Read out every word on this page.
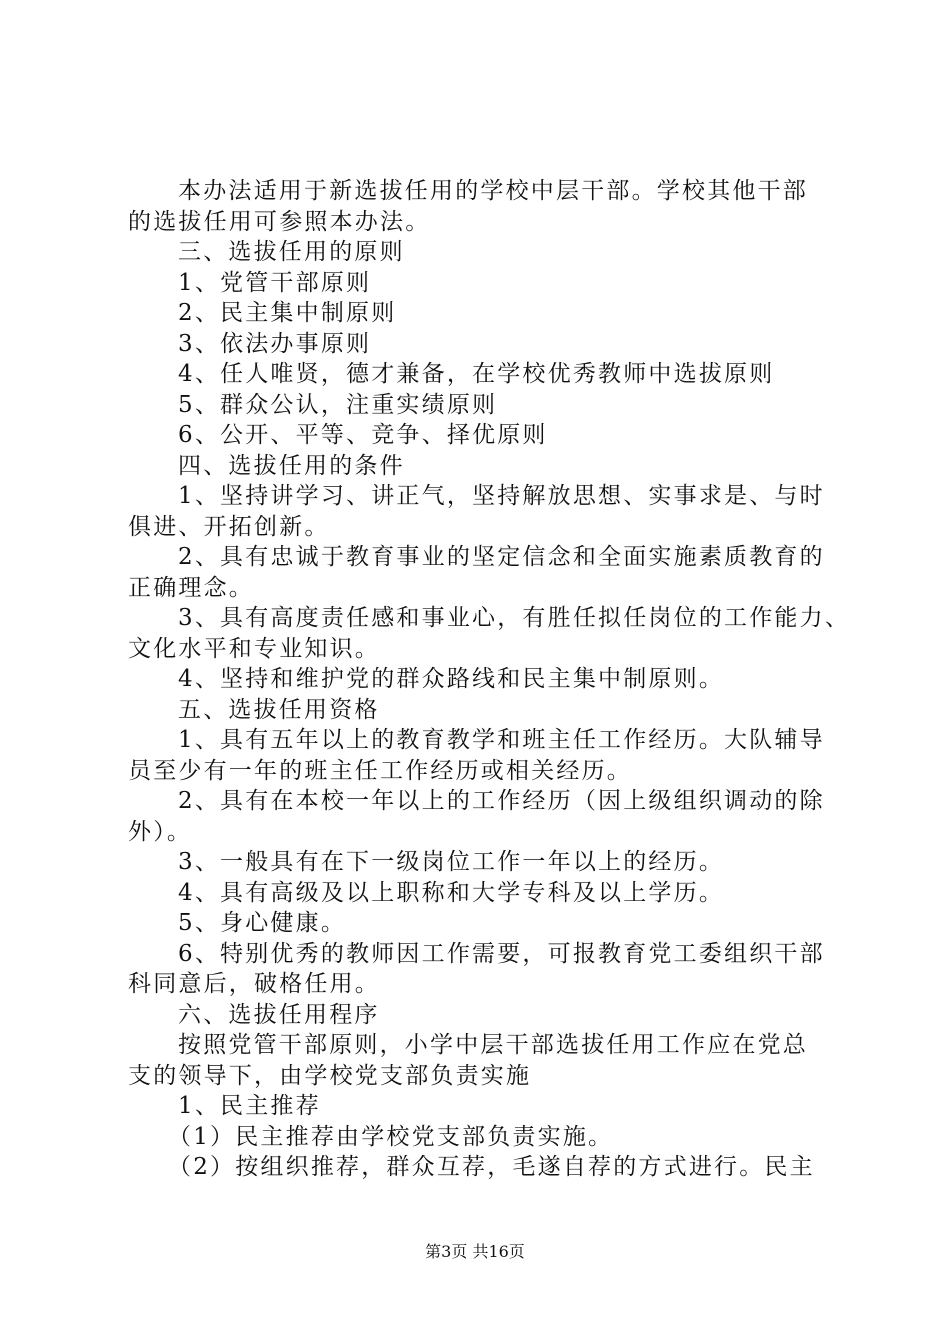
本办法适用于新选拔任用的学校中层干部。学校其他干部
的选拔任用可参照本办法。
三、选拔任用的原则
1、党管干部原则
2、民主集中制原则
3、依法办事原则
4、任人唯贤，德才兼备，在学校优秀教师中选拔原则
5、群众公认，注重实绩原则
6、公开、平等、竞争、择优原则
四、选拔任用的条件
1、坚持讲学习、讲正气，坚持解放思想、实事求是、与时
俱进、开拓创新。
2、具有忠诚于教育事业的坚定信念和全面实施素质教育的
正确理念。
3、具有高度责任感和事业心，有胜任拟任岗位的工作能力、
文化水平和专业知识。
4、坚持和维护党的群众路线和民主集中制原则。
五、选拔任用资格
1、具有五年以上的教育教学和班主任工作经历。大队辅导
员至少有一年的班主任工作经历或相关经历。
2、具有在本校一年以上的工作经历（因上级组织调动的除
外）。
3、一般具有在下一级岗位工作一年以上的经历。
4、具有高级及以上职称和大学专科及以上学历。
5、身心健康。
6、特别优秀的教师因工作需要，可报教育党工委组织干部
科同意后，破格任用。
六、选拔任用程序
按照党管干部原则，小学中层干部选拔任用工作应在党总
支的领导下，由学校党支部负责实施
1、民主推荐
（1）民主推荐由学校党支部负责实施。
（2）按组织推荐，群众互荐，毛遂自荐的方式进行。民主
第3页 共16页
